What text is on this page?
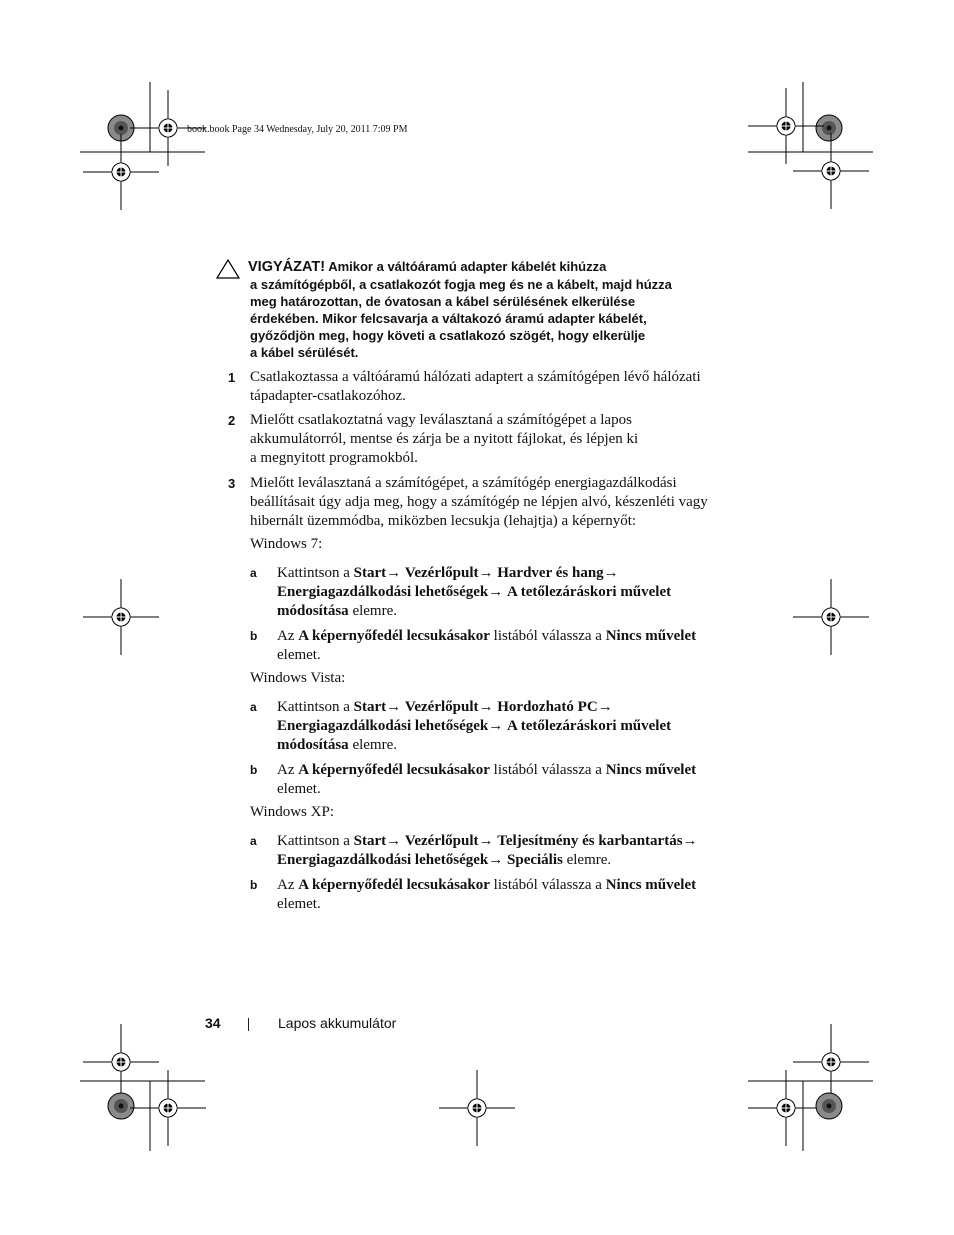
book.book Page 34 Wednesday, July 20, 2011 7:09 PM
VIGYÁZAT! Amikor a váltóáramú adapter kábelét kihúzza
a számítógépből, a csatlakozót fogja meg és ne a kábelt, majd húzza
meg határozottan, de óvatosan a kábel sérülésének elkerülése
érdekében. Mikor felcsavarja a váltakozó áramú adapter kábelét,
győződjön meg, hogy követi a csatlakozó szögét, hogy elkerülje
a kábel sérülését.
1 Csatlakoztassa a váltóáramú hálózati adaptert a számítógépen lévő hálózati
tápadapter-csatlakozóhoz.
2 Mielőtt csatlakoztatná vagy leválasztaná a számítógépet a lapos
akkumulátorról, mentse és zárja be a nyitott fájlokat, és lépjen ki
a megnyitott programokból.
3 Mielőtt leválasztaná a számítógépet, a számítógép energiagazdálkodási
beállításait úgy adja meg, hogy a számítógép ne lépjen alvó, készenléti vagy
hibernált üzemmódba, miközben lecsukja (lehajtja) a képernyőt:
Windows 7:
a	Kattintson a Start→ Vezérlőpult→ Hardver és hang→
Energiagazdálkodási lehetőségek→ A tetőlezáráskori művelet
módosítása elemre.
b	Az A képernyőfedél lecsukásakor listából válassza a Nincs művelet
elemet.
Windows Vista:
a	Kattintson a Start→ Vezérlőpult→ Hordozható PC→
Energiagazdálkodási lehetőségek→ A tetőlezáráskori művelet
módosítása elemre.
b	Az A képernyőfedél lecsukásakor listából válassza a Nincs művelet
elemet.
Windows XP:
a	Kattintson a Start→ Vezérlőpult→ Teljesítmény és karbantartás→
Energiagazdálkodási lehetőségek→ Speciális elemre.
b	Az A képernyőfedél lecsukásakor listából válassza a Nincs művelet
elemet.
34	Lapos akkumulátor
